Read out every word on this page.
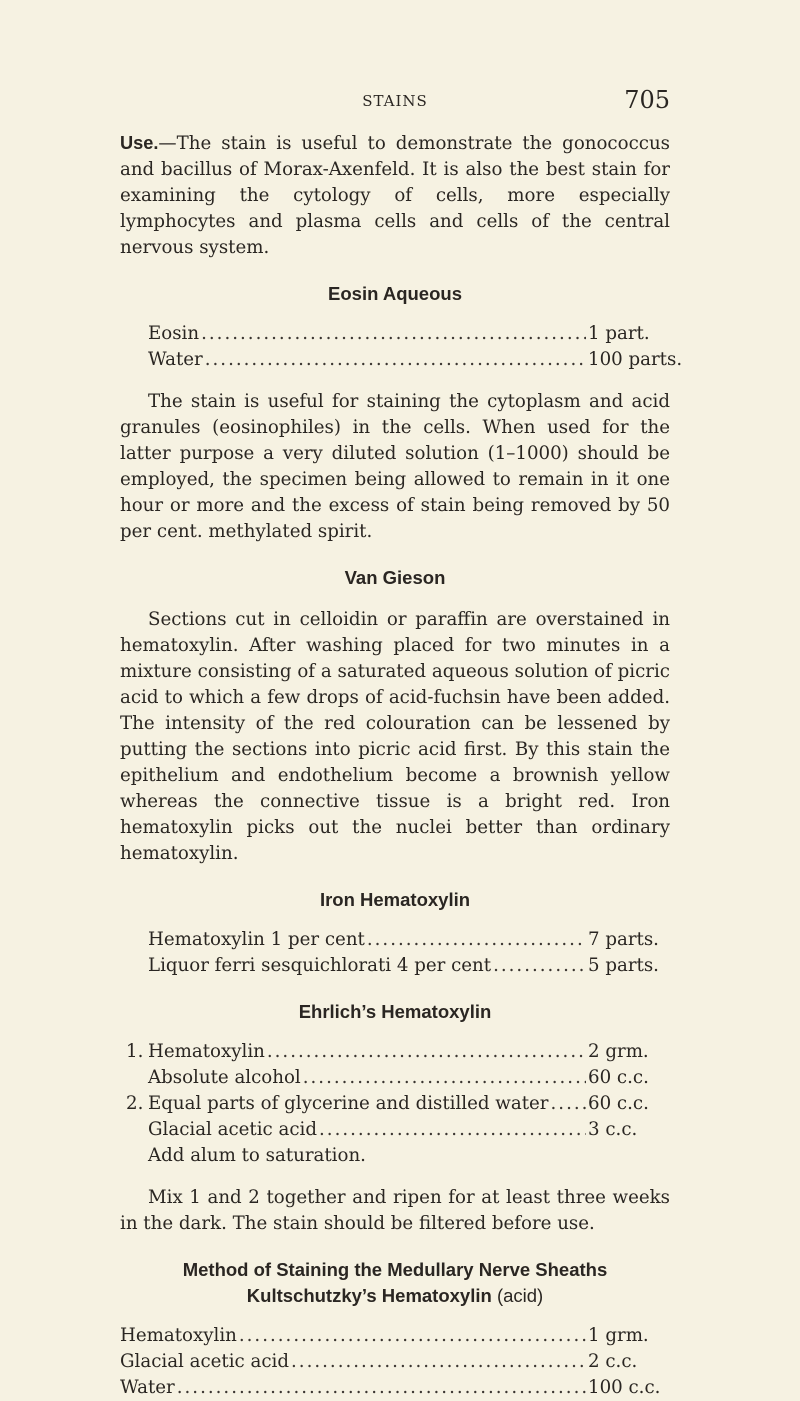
STAINS	705

Use.—The stain is useful to demonstrate the gonococcus and bacillus of Morax-Axenfeld. It is also the best stain for examining the cytology of cells, more especially lymphocytes and plasma cells and cells of the central nervous system.

Eosin Aqueous
Eosin .....	1 part.
Water .....	100 parts.

The stain is useful for staining the cytoplasm and acid granules (eosinophiles) in the cells. When used for the latter purpose a very diluted solution (1–1000) should be employed, the specimen being allowed to remain in it one hour or more and the excess of stain being removed by 50 per cent. methylated spirit.

Van Gieson

Sections cut in celloidin or paraffin are overstained in hematoxylin. After washing placed for two minutes in a mixture consisting of a saturated aqueous solution of picric acid to which a few drops of acid-fuchsin have been added. The intensity of the red colouration can be lessened by putting the sections into picric acid first. By this stain the epithelium and endothelium become a brownish yellow whereas the connective tissue is a bright red. Iron hematoxylin picks out the nuclei better than ordinary hematoxylin.

Iron Hematoxylin
Hematoxylin 1 per cent .....	7 parts.
Liquor ferri sesquichlorati 4 per cent .....	5 parts.
Ehrlich’s Hematoxylin
1. Hematoxylin .....	2 grm.
Absolute alcohol .....	60 c.c.
2. Equal parts of glycerine and distilled water ..... 60 c.c.
Glacial acetic acid .....	3 c.c.
Add alum to saturation.

Mix 1 and 2 together and ripen for at least three weeks in the dark. The stain should be filtered before use.

Method of Staining the Medullary Nerve Sheaths
Kultschutzky’s Hematoxylin (acid)
Hematoxylin .....	1 grm.
Glacial acetic acid .....	2 c.c.
Water .....	100 c.c.
